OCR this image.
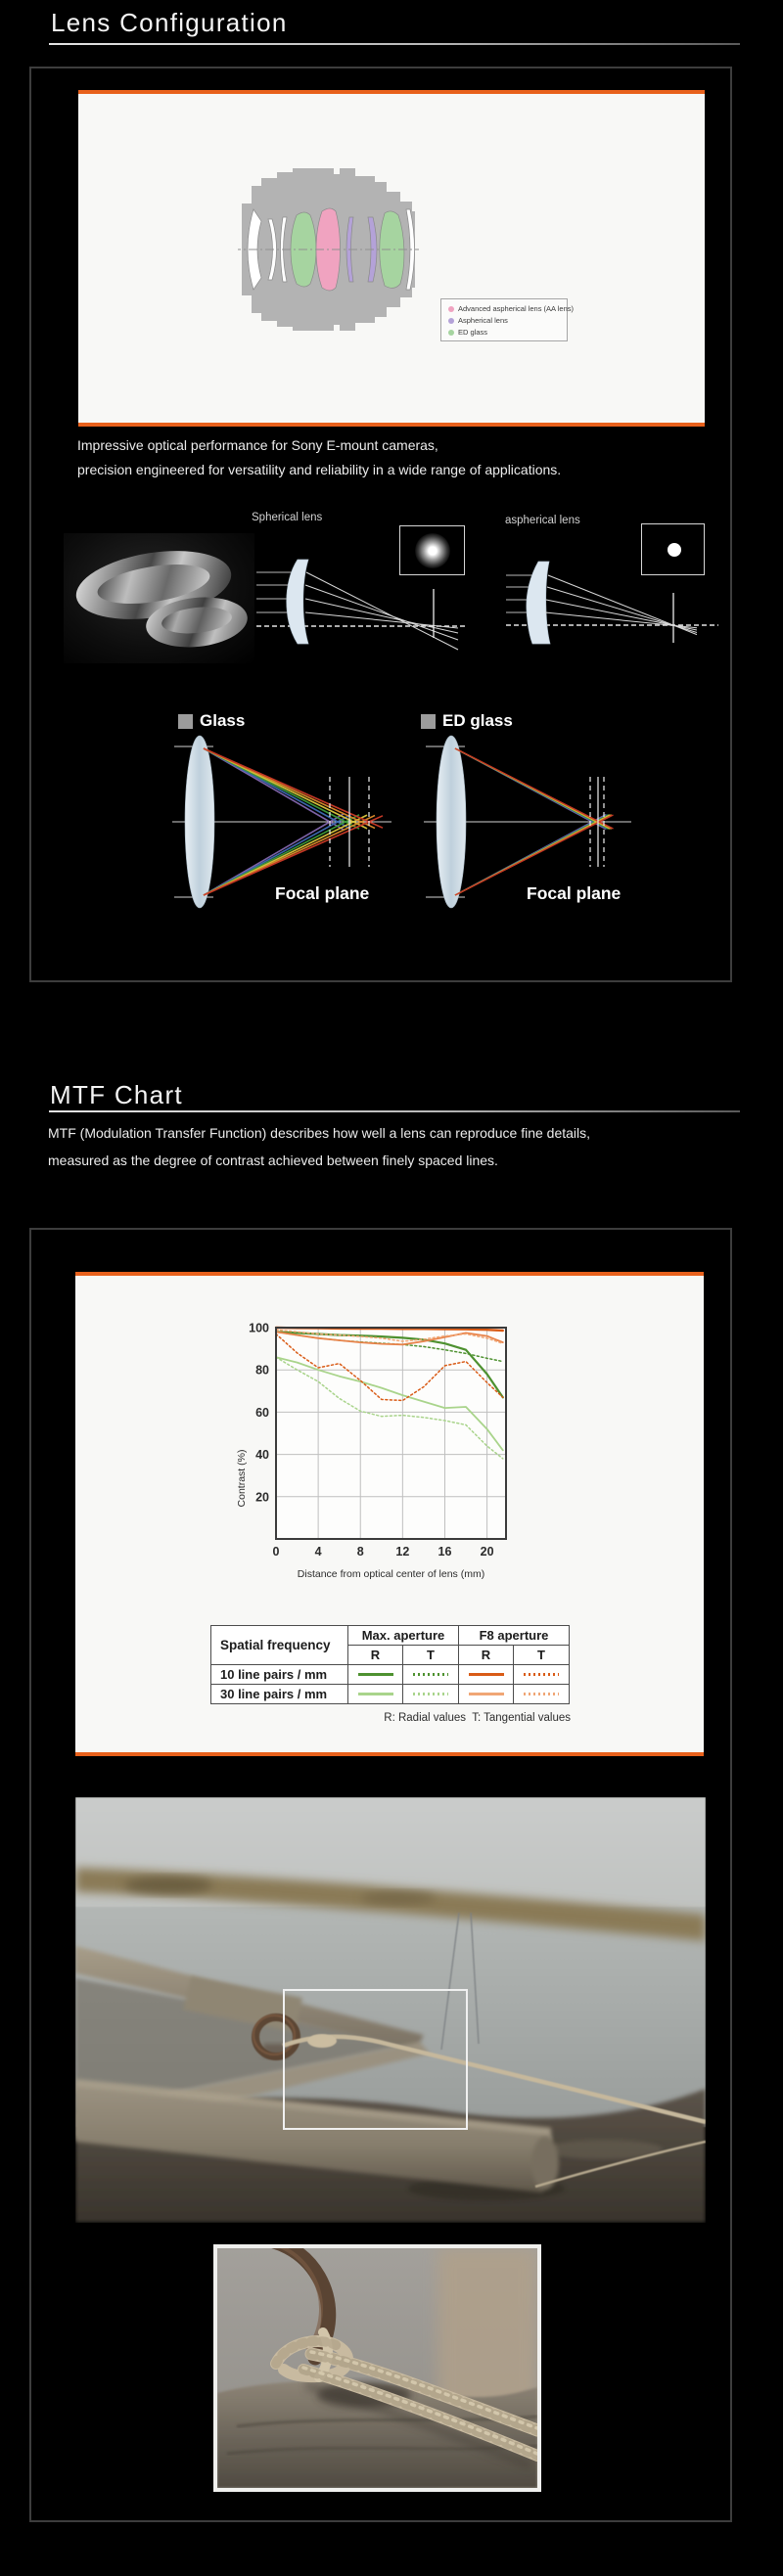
Lens Configuration
Advanced aspherical lens (AA lens)
Aspherical lens
ED glass
Impressive optical performance for Sony E-mount cameras,
precision engineered for versatility and reliability in a wide range of applications.
Spherical lens	aspherical lens
Glass	ED glass
Focal plane	Focal plane
MTF Chart
MTF (Modulation Transfer Function) describes how well a lens can reproduce fine details,
measured as the degree of contrast achieved between finely spaced lines.
20
40
60
80
100
0	4	8	12 16 20
Distance from optical center of lens (mm)
Contrast (%)
Spatial frequency	Max. aperture		F8 aperture	
	R	T	R	T
10 line pairs / mm	

30 line pairs / mm	

R: Radial values  T: Tangential values
